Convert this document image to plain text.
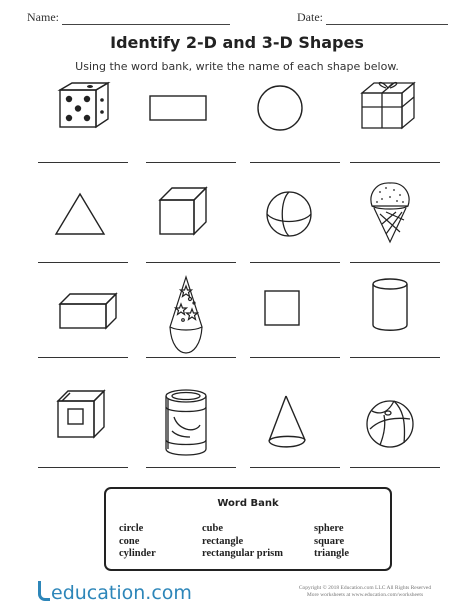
Name:	Date:
Identify 2-D and 3-D Shapes
Using the word bank, write the name of each shape below.
Word Bank
circle
cone
cylinder
cube
rectangle
rectangular prism
sphere
square
triangle
education.com	Copyright © 2018 Education.com LLC All Rights Reserved
More worksheets at www.education.com/worksheets
